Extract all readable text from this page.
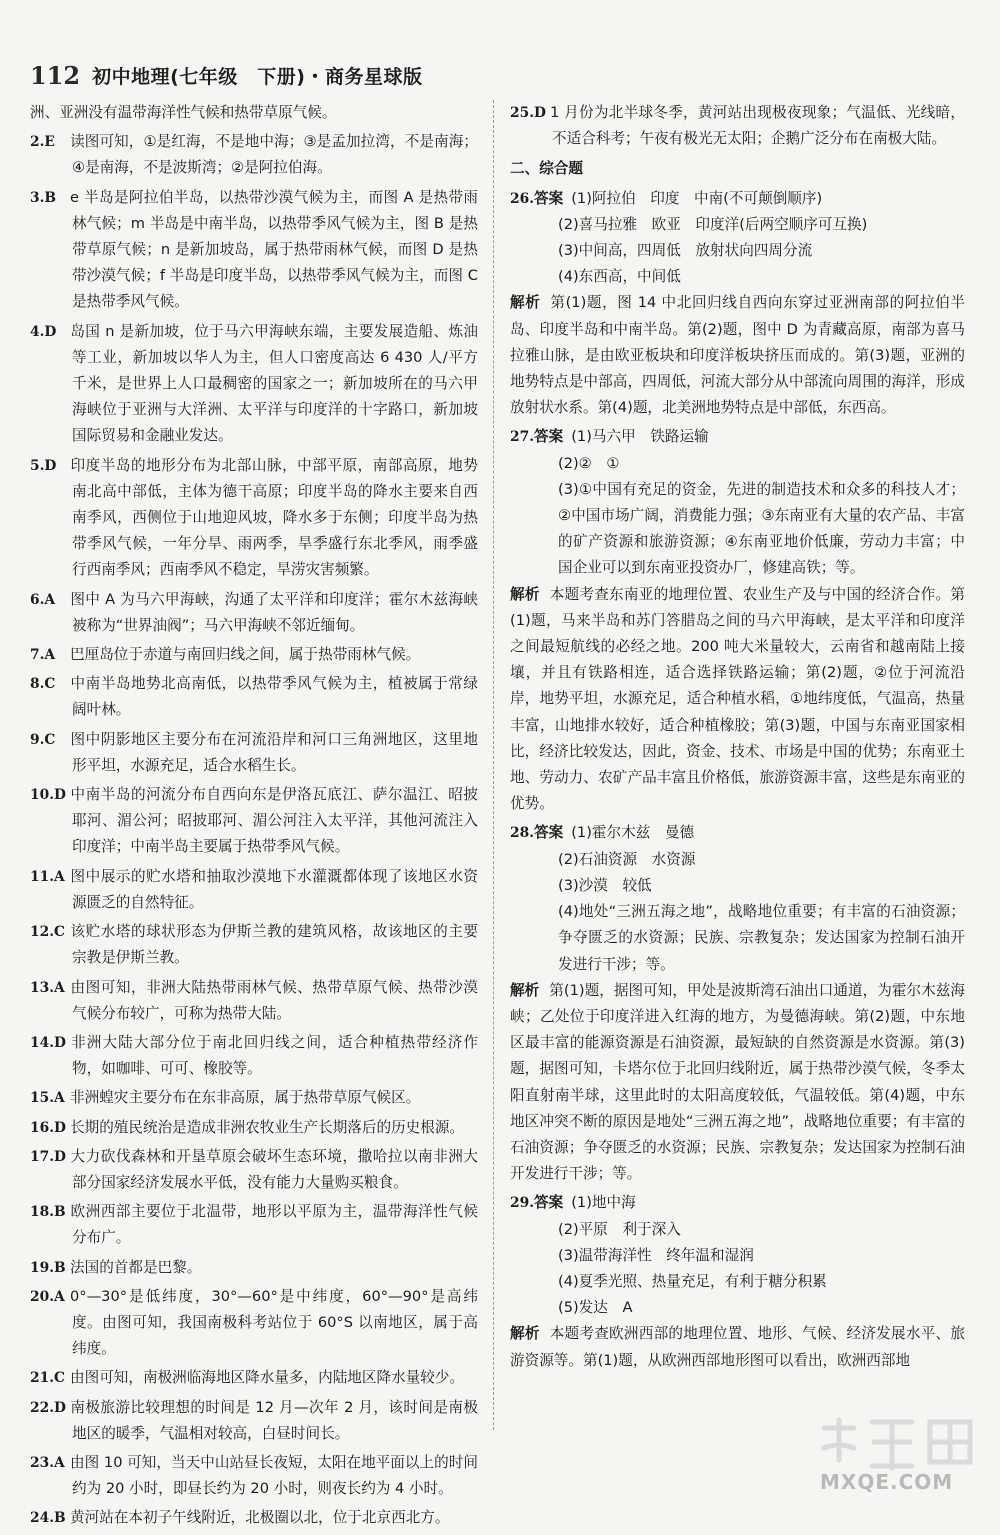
112 初中地理(七年级　下册)・商务星球版
洲、亚洲没有温带海洋性气候和热带草原气候。
2.E 读图可知，①是红海，不是地中海；③是孟加拉湾，不是南海；④是南海，不是波斯湾；②是阿拉伯海。
3.B e 半岛是阿拉伯半岛，以热带沙漠气候为主，而图 A 是热带雨林气候；m 半岛是中南半岛，以热带季风气候为主，图 B 是热带草原气候；n 是新加坡岛，属于热带雨林气候，而图 D 是热带沙漠气候；f 半岛是印度半岛，以热带季风气候为主，而图 C 是热带季风气候。
4.D 岛国 n 是新加坡，位于马六甲海峡东端，主要发展造船、炼油等工业，新加坡以华人为主，但人口密度高达 6 430 人/平方千米，是世界上人口最稠密的国家之一；新加坡所在的马六甲海峡位于亚洲与大洋洲、太平洋与印度洋的十字路口，新加坡国际贸易和金融业发达。
5.D 印度半岛的地形分布为北部山脉，中部平原，南部高原，地势南北高中部低，主体为德干高原；印度半岛的降水主要来自西南季风，西侧位于山地迎风坡，降水多于东侧；印度半岛为热带季风气候，一年分旱、雨两季，旱季盛行东北季风，雨季盛行西南季风；西南季风不稳定，旱涝灾害频繁。
6.A 图中 A 为马六甲海峡，沟通了太平洋和印度洋；霍尔木兹海峡被称为“世界油阀”；马六甲海峡不邻近缅甸。
7.A 巴厘岛位于赤道与南回归线之间，属于热带雨林气候。
8.C 中南半岛地势北高南低，以热带季风气候为主，植被属于常绿阔叶林。
9.C 图中阴影地区主要分布在河流沿岸和河口三角洲地区，这里地形平坦，水源充足，适合水稻生长。
10.D 中南半岛的河流分布自西向东是伊洛瓦底江、萨尔温江、昭披耶河、湄公河；昭披耶河、湄公河注入太平洋，其他河流注入印度洋；中南半岛主要属于热带季风气候。
11.A 图中展示的贮水塔和抽取沙漠地下水灌溉都体现了该地区水资源匮乏的自然特征。
12.C 该贮水塔的球状形态为伊斯兰教的建筑风格，故该地区的主要宗教是伊斯兰教。
13.A 由图可知，非洲大陆热带雨林气候、热带草原气候、热带沙漠气候分布较广，可称为热带大陆。
14.D 非洲大陆大部分位于南北回归线之间，适合种植热带经济作物，如咖啡、可可、橡胶等。
15.A 非洲蝗灾主要分布在东非高原，属于热带草原气候区。
16.D 长期的殖民统治是造成非洲农牧业生产长期落后的历史根源。
17.D 大力砍伐森林和开垦草原会破坏生态环境，撒哈拉以南非洲大部分国家经济发展水平低，没有能力大量购买粮食。
18.B 欧洲西部主要位于北温带，地形以平原为主，温带海洋性气候分布广。
19.B 法国的首都是巴黎。
20.A 0°—30°是低纬度，30°—60°是中纬度，60°—90°是高纬度。由图可知，我国南极科考站位于 60°S 以南地区，属于高纬度。
21.C 由图可知，南极洲临海地区降水量多，内陆地区降水量较少。
22.D 南极旅游比较理想的时间是 12 月—次年 2 月，该时间是南极地区的暖季，气温相对较高，白昼时间长。
23.A 由图 10 可知，当天中山站昼长夜短，太阳在地平面以上的时间约为 20 小时，即昼长约为 20 小时，则夜长约为 4 小时。
24.B 黄河站在本初子午线附近，北极圈以北，位于北京西北方。
25.D 1 月份为北半球冬季，黄河站出现极夜现象；气温低、光线暗，不适合科考；午夜有极光无太阳；企鹅广泛分布在南极大陆。
二、综合题
26.答案 (1)阿拉伯　印度　中南(不可颠倒顺序)
(2)喜马拉雅　欧亚　印度洋(后两空顺序可互换)
(3)中间高，四周低　放射状向四周分流
(4)东西高，中间低
解析 第(1)题，图 14 中北回归线自西向东穿过亚洲南部的阿拉伯半岛、印度半岛和中南半岛。第(2)题，图中 D 为青藏高原，南部为喜马拉雅山脉，是由欧亚板块和印度洋板块挤压而成的。第(3)题，亚洲的地势特点是中部高，四周低，河流大部分从中部流向周围的海洋，形成放射状水系。第(4)题，北美洲地势特点是中部低，东西高。
27.答案 (1)马六甲　铁路运输
(2)②　①
(3)①中国有充足的资金，先进的制造技术和众多的科技人才；②中国市场广阔，消费能力强；③东南亚有大量的农产品、丰富的矿产资源和旅游资源；④东南亚地价低廉，劳动力丰富；中国企业可以到东南亚投资办厂，修建高铁；等。
解析 本题考查东南亚的地理位置、农业生产及与中国的经济合作。第(1)题，马来半岛和苏门答腊岛之间的马六甲海峡，是太平洋和印度洋之间最短航线的必经之地。200 吨大米量较大，云南省和越南陆上接壤，并且有铁路相连，适合选择铁路运输；第(2)题，②位于河流沿岸，地势平坦，水源充足，适合种植水稻，①地纬度低，气温高，热量丰富，山地排水较好，适合种植橡胶；第(3)题，中国与东南亚国家相比，经济比较发达，因此，资金、技术、市场是中国的优势；东南亚土地、劳动力、农矿产品丰富且价格低，旅游资源丰富，这些是东南亚的优势。
28.答案 (1)霍尔木兹　曼德
(2)石油资源　水资源
(3)沙漠　较低
(4)地处“三洲五海之地”，战略地位重要；有丰富的石油资源；争夺匮乏的水资源；民族、宗教复杂；发达国家为控制石油开发进行干涉；等。
解析 第(1)题，据图可知，甲处是波斯湾石油出口通道，为霍尔木兹海峡；乙处位于印度洋进入红海的地方，为曼德海峡。第(2)题，中东地区最丰富的能源资源是石油资源，最短缺的自然资源是水资源。第(3)题，据图可知，卡塔尔位于北回归线附近，属于热带沙漠气候，冬季太阳直射南半球，这里此时的太阳高度较低，气温较低。第(4)题，中东地区冲突不断的原因是地处“三洲五海之地”，战略地位重要；有丰富的石油资源；争夺匮乏的水资源；民族、宗教复杂；发达国家为控制石油开发进行干涉；等。
29.答案 (1)地中海
(2)平原　利于深入
(3)温带海洋性　终年温和湿润
(4)夏季光照、热量充足，有利于糖分积累
(5)发达　A
解析 本题考查欧洲西部的地理位置、地形、气候、经济发展水平、旅游资源等。第(1)题，从欧洲西部地形图可以看出，欧洲西部地
MXQE.COM
